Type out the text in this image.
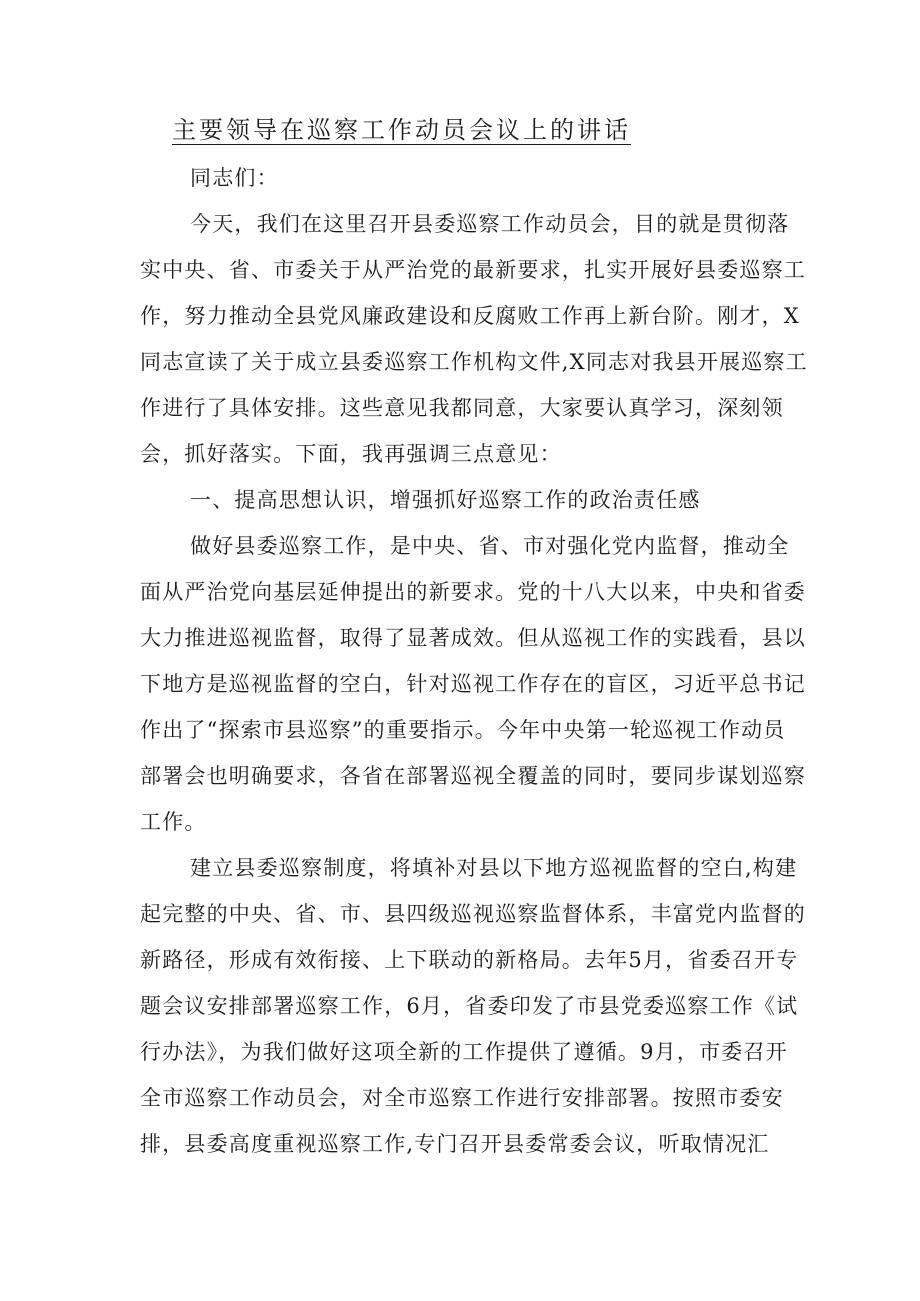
主要领导在巡察工作动员会议上的讲话
同志们：
今天，我们在这里召开县委巡察工作动员会，目的就是贯彻落
实中央、省、市委关于从严治党的最新要求，扎实开展好县委巡察工
作，努力推动全县党风廉政建设和反腐败工作再上新台阶。刚才，X
同志宣读了关于成立县委巡察工作机构文件,X同志对我县开展巡察工
作进行了具体安排。这些意见我都同意，大家要认真学习，深刻领
会，抓好落实。下面，我再强调三点意见：
一、提高思想认识，增强抓好巡察工作的政治责任感
做好县委巡察工作，是中央、省、市对强化党内监督，推动全
面从严治党向基层延伸提出的新要求。党的十八大以来，中央和省委
大力推进巡视监督，取得了显著成效。但从巡视工作的实践看，县以
下地方是巡视监督的空白，针对巡视工作存在的盲区，习近平总书记
作出了“探索市县巡察”的重要指示。今年中央第一轮巡视工作动员
部署会也明确要求，各省在部署巡视全覆盖的同时，要同步谋划巡察
工作。
建立县委巡察制度，将填补对县以下地方巡视监督的空白,构建
起完整的中央、省、市、县四级巡视巡察监督体系，丰富党内监督的
新路径，形成有效衔接、上下联动的新格局。去年5月，省委召开专
题会议安排部署巡察工作，6月，省委印发了市县党委巡察工作《试
行办法》，为我们做好这项全新的工作提供了遵循。9月，市委召开
全市巡察工作动员会，对全市巡察工作进行安排部署。按照市委安
排，县委高度重视巡察工作,专门召开县委常委会议，听取情况汇
